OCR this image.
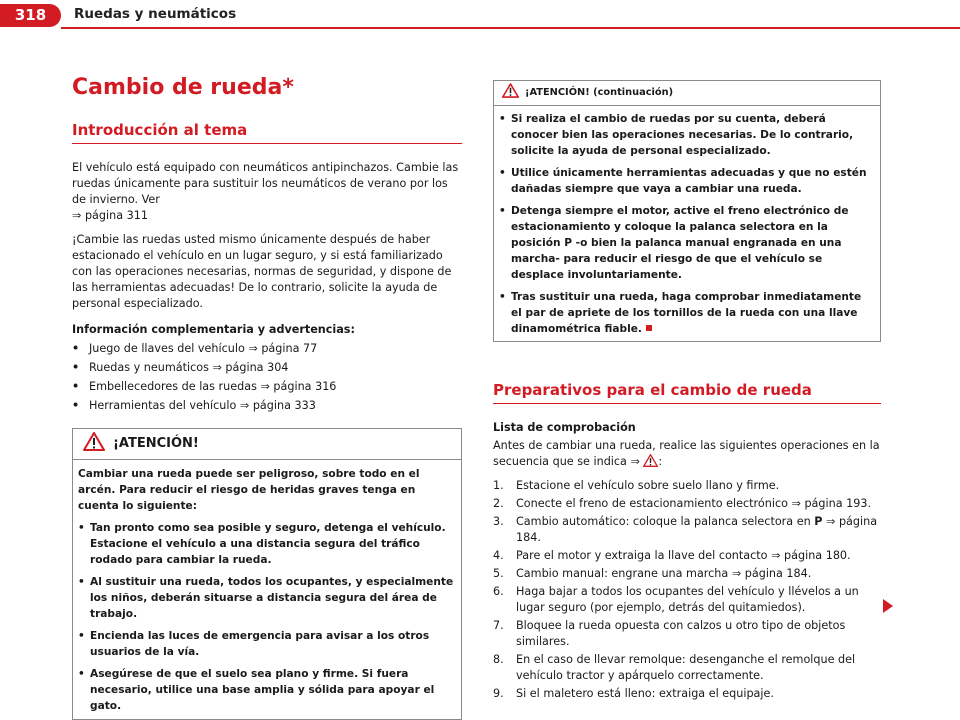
318	Ruedas y neumáticos
Cambio de rueda*
Introducción al tema

El vehículo está equipado con neumáticos antipinchazos. Cambie las ruedas únicamente para sustituir los neumáticos de verano por los de invierno. Ver
⇒ página 311

¡Cambie las ruedas usted mismo únicamente después de haber estacionado el vehículo en un lugar seguro, y si está familiarizado con las operaciones necesarias, normas de seguridad, y dispone de las herramientas adecuadas! De lo contrario, solicite la ayuda de personal especializado.

Información complementaria y advertencias:

• Juego de llaves del vehículo ⇒ página 77
• Ruedas y neumáticos ⇒ página 304
• Embellecedores de las ruedas ⇒ página 316
• Herramientas del vehículo ⇒ página 333
¡ATENCIÓN!

Cambiar una rueda puede ser peligroso, sobre todo en el arcén. Para reducir el riesgo de heridas graves tenga en cuenta lo siguiente:

• Tan pronto como sea posible y seguro, detenga el vehículo. Estacione el vehículo a una distancia segura del tráfico rodado para cambiar la rueda.
• Al sustituir una rueda, todos los ocupantes, y especialmente los niños, deberán situarse a distancia segura del área de trabajo.
• Encienda las luces de emergencia para avisar a los otros usuarios de la vía.
• Asegúrese de que el suelo sea plano y firme. Si fuera necesario, utilice una base amplia y sólida para apoyar el gato.
¡ATENCIÓN! (continuación)
• Si realiza el cambio de ruedas por su cuenta, deberá conocer bien las operaciones necesarias. De lo contrario, solicite la ayuda de personal especializado.
• Utilice únicamente herramientas adecuadas y que no estén dañadas siempre que vaya a cambiar una rueda.
• Detenga siempre el motor, active el freno electrónico de estacionamiento y coloque la palanca selectora en la posición P -o bien la palanca manual engranada en una marcha- para reducir el riesgo de que el vehículo se desplace involuntariamente.
• Tras sustituir una rueda, haga comprobar inmediatamente el par de apriete de los tornillos de la rueda con una llave dinamométrica fiable.
Preparativos para el cambio de rueda

Lista de comprobación

Antes de cambiar una rueda, realice las siguientes operaciones en la secuencia que se indica ⇒ :

1.	Estacione el vehículo sobre suelo llano y firme.
2.	Conecte el freno de estacionamiento electrónico ⇒ página 193.
3.	Cambio automático: coloque la palanca selectora en P ⇒ página 184.
4.	Pare el motor y extraiga la llave del contacto ⇒ página 180.
5.	Cambio manual: engrane una marcha ⇒ página 184.
6.	Haga bajar a todos los ocupantes del vehículo y llévelos a un lugar seguro (por ejemplo, detrás del quitamiedos).
7.	Bloquee la rueda opuesta con calzos u otro tipo de objetos similares.
8.	En el caso de llevar remolque: desenganche el remolque del vehículo tractor y apárquelo correctamente.
9.	Si el maletero está lleno: extraiga el equipaje.
